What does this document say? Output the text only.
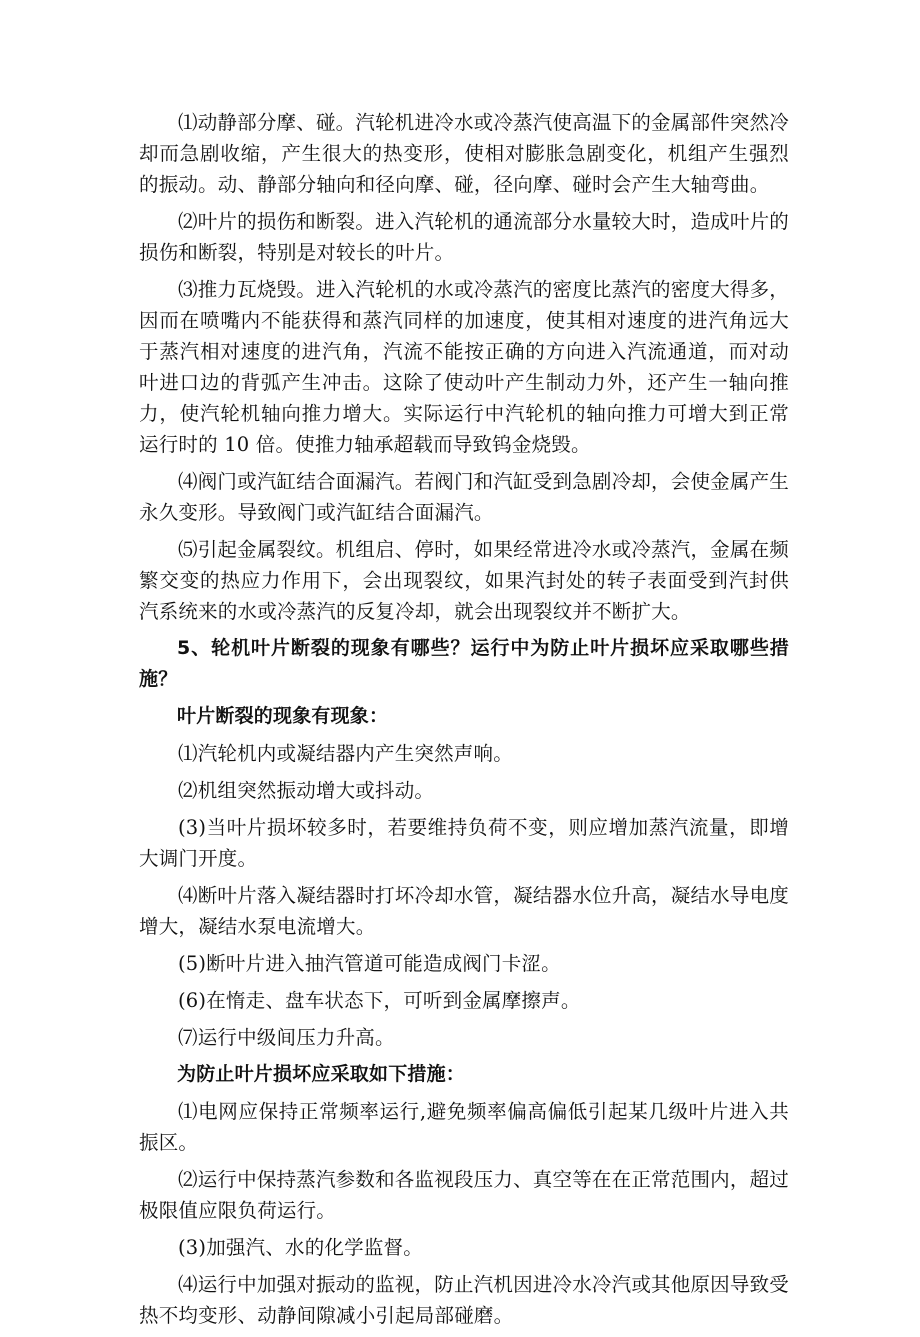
⑴动静部分摩、碰。汽轮机进冷水或冷蒸汽使高温下的金属部件突然冷却而急剧收缩，产生很大的热变形，使相对膨胀急剧变化，机组产生强烈的振动。动、静部分轴向和径向摩、碰，径向摩、碰时会产生大轴弯曲。

⑵叶片的损伤和断裂。进入汽轮机的通流部分水量较大时，造成叶片的损伤和断裂，特别是对较长的叶片。

⑶推力瓦烧毁。进入汽轮机的水或冷蒸汽的密度比蒸汽的密度大得多，因而在喷嘴内不能获得和蒸汽同样的加速度，使其相对速度的进汽角远大于蒸汽相对速度的进汽角，汽流不能按正确的方向进入汽流通道，而对动叶进口边的背弧产生冲击。这除了使动叶产生制动力外，还产生一轴向推力，使汽轮机轴向推力增大。实际运行中汽轮机的轴向推力可增大到正常运行时的 10 倍。使推力轴承超载而导致钨金烧毁。

⑷阀门或汽缸结合面漏汽。若阀门和汽缸受到急剧冷却，会使金属产生永久变形。导致阀门或汽缸结合面漏汽。

⑸引起金属裂纹。机组启、停时，如果经常进冷水或冷蒸汽，金属在频繁交变的热应力作用下，会出现裂纹，如果汽封处的转子表面受到汽封供汽系统来的水或冷蒸汽的反复冷却，就会出现裂纹并不断扩大。

5、轮机叶片断裂的现象有哪些？运行中为防止叶片损坏应采取哪些措施？

叶片断裂的现象有现象：

⑴汽轮机内或凝结器内产生突然声响。

⑵机组突然振动增大或抖动。

(3)当叶片损坏较多时，若要维持负荷不变，则应增加蒸汽流量，即增大调门开度。

⑷断叶片落入凝结器时打坏冷却水管，凝结器水位升高，凝结水导电度增大，凝结水泵电流增大。

(5)断叶片进入抽汽管道可能造成阀门卡涩。

(6)在惰走、盘车状态下，可听到金属摩擦声。

⑺运行中级间压力升高。

为防止叶片损坏应采取如下措施：

⑴电网应保持正常频率运行,避免频率偏高偏低引起某几级叶片进入共振区。

⑵运行中保持蒸汽参数和各监视段压力、真空等在在正常范围内，超过极限值应限负荷运行。

(3)加强汽、水的化学监督。

⑷运行中加强对振动的监视，防止汽机因进冷水冷汽或其他原因导致受热不均变形、动静间隙减小引起局部碰磨。
